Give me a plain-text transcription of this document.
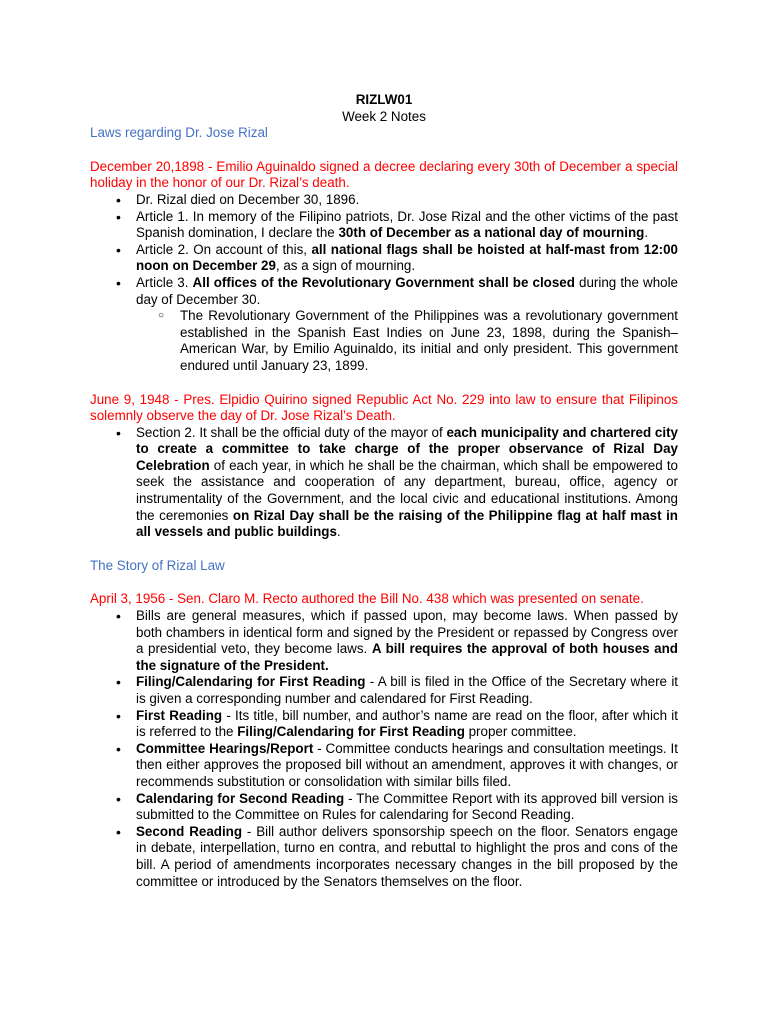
RIZLW01
Week 2 Notes

Laws regarding Dr. Jose Rizal

December 20,1898 - Emilio Aguinaldo signed a decree declaring every 30th of December a special holiday in the honor of our Dr. Rizal’s death.

• Dr. Rizal died on December 30, 1896.
• Article 1. In memory of the Filipino patriots, Dr. Jose Rizal and the other victims of the past Spanish domination, I declare the 30th of December as a national day of mourning.
• Article 2. On account of this, all national flags shall be hoisted at half-mast from 12:00 noon on December 29, as a sign of mourning.
• Article 3. All offices of the Revolutionary Government shall be closed during the whole day of December 30.
○ The Revolutionary Government of the Philippines was a revolutionary government established in the Spanish East Indies on June 23, 1898, during the Spanish–American War, by Emilio Aguinaldo, its initial and only president. This government endured until January 23, 1899.

June 9, 1948 - Pres. Elpidio Quirino signed Republic Act No. 229 into law to ensure that Filipinos solemnly observe the day of Dr. Jose Rizal’s Death.

• Section 2. It shall be the official duty of the mayor of each municipality and chartered city to create a committee to take charge of the proper observance of Rizal Day Celebration of each year, in which he shall be the chairman, which shall be empowered to seek the assistance and cooperation of any department, bureau, office, agency or instrumentality of the Government, and the local civic and educational institutions. Among the ceremonies on Rizal Day shall be the raising of the Philippine flag at half mast in all vessels and public buildings.

The Story of Rizal Law

April 3, 1956 - Sen. Claro M. Recto authored the Bill No. 438 which was presented on senate.

• Bills are general measures, which if passed upon, may become laws. When passed by both chambers in identical form and signed by the President or repassed by Congress over a presidential veto, they become laws. A bill requires the approval of both houses and the signature of the President.
• Filing/Calendaring for First Reading - A bill is filed in the Office of the Secretary where it is given a corresponding number and calendared for First Reading.
• First Reading - Its title, bill number, and author’s name are read on the floor, after which it is referred to the Filing/Calendaring for First Reading proper committee.
• Committee Hearings/Report - Committee conducts hearings and consultation meetings. It then either approves the proposed bill without an amendment, approves it with changes, or recommends substitution or consolidation with similar bills filed.
• Calendaring for Second Reading - The Committee Report with its approved bill version is submitted to the Committee on Rules for calendaring for Second Reading.
• Second Reading - Bill author delivers sponsorship speech on the floor. Senators engage in debate, interpellation, turno en contra, and rebuttal to highlight the pros and cons of the bill. A period of amendments incorporates necessary changes in the bill proposed by the committee or introduced by the Senators themselves on the floor.
